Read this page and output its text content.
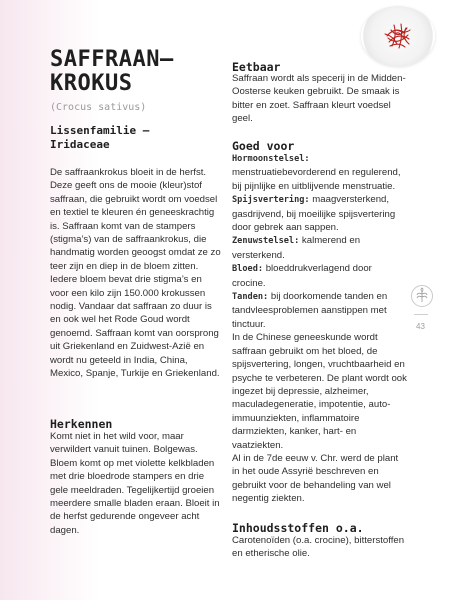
SAFFRAAN–
KROKUS
(Crocus sativus)
Lissenfamilie –
Iridaceae
De saffraankrokus bloeit in de herfst. Deze geeft ons de mooie (kleur)stof saffraan, die gebruikt wordt om voedsel en textiel te kleuren én geneeskrachtig is. Saffraan komt van de stampers (stigma’s) van de saffraankrokus, die handmatig worden geoogst omdat ze zo teer zijn en diep in de bloem zitten. Iedere bloem bevat drie stigma’s en voor een kilo zijn 150.000 krokussen nodig. Vandaar dat saffraan zo duur is en ook wel het Rode Goud wordt genoemd. Saffraan komt van oorsprong uit Griekenland en Zuidwest-Azië en wordt nu geteeld in India, China, Mexico, Spanje, Turkije en Griekenland.
Herkennen
Komt niet in het wild voor, maar verwildert vanuit tuinen. Bolgewas. Bloem komt op met violette kelkbladen met drie bloedrode stampers en drie gele meeldraden. Tegelijkertijd groeien meerdere smalle bladen eraan. Bloeit in de herfst gedurende ongeveer acht dagen.
Eetbaar
Saffraan wordt als specerij in de Midden-Oosterse keuken gebruikt. De smaak is bitter en zoet. Saffraan kleurt voedsel geel.
Goed voor

Hormoonstelsel: menstruatiebevorderend en regulerend, bij pijnlijke en uitblijvende menstruatie.

Spijsvertering: maagversterkend, gasdrijvend, bij moeilijke spijsvertering door gebrek aan sappen.

Zenuwstelsel: kalmerend en versterkend.

Bloed: bloeddrukverlagend door crocine.

Tanden: bij doorkomende tanden en tandvleesproblemen aanstippen met tinctuur.

In de Chinese geneeskunde wordt saffraan gebruikt om het bloed, de spijsvertering, longen, vruchtbaarheid en psyche te verbeteren. De plant wordt ook ingezet bij depressie, alzheimer, maculadegeneratie, impotentie, auto-immuunziekten, inflammatoire darmziekten, kanker, hart- en vaatziekten.

Al in de 7de eeuw v. Chr. werd de plant in het oude Assyrië beschreven en gebruikt voor de behandeling van wel negentig ziekten.

Inhoudsstoffen o.a.
Carotenoïden (o.a. crocine), bitterstoffen en etherische olie.
43
